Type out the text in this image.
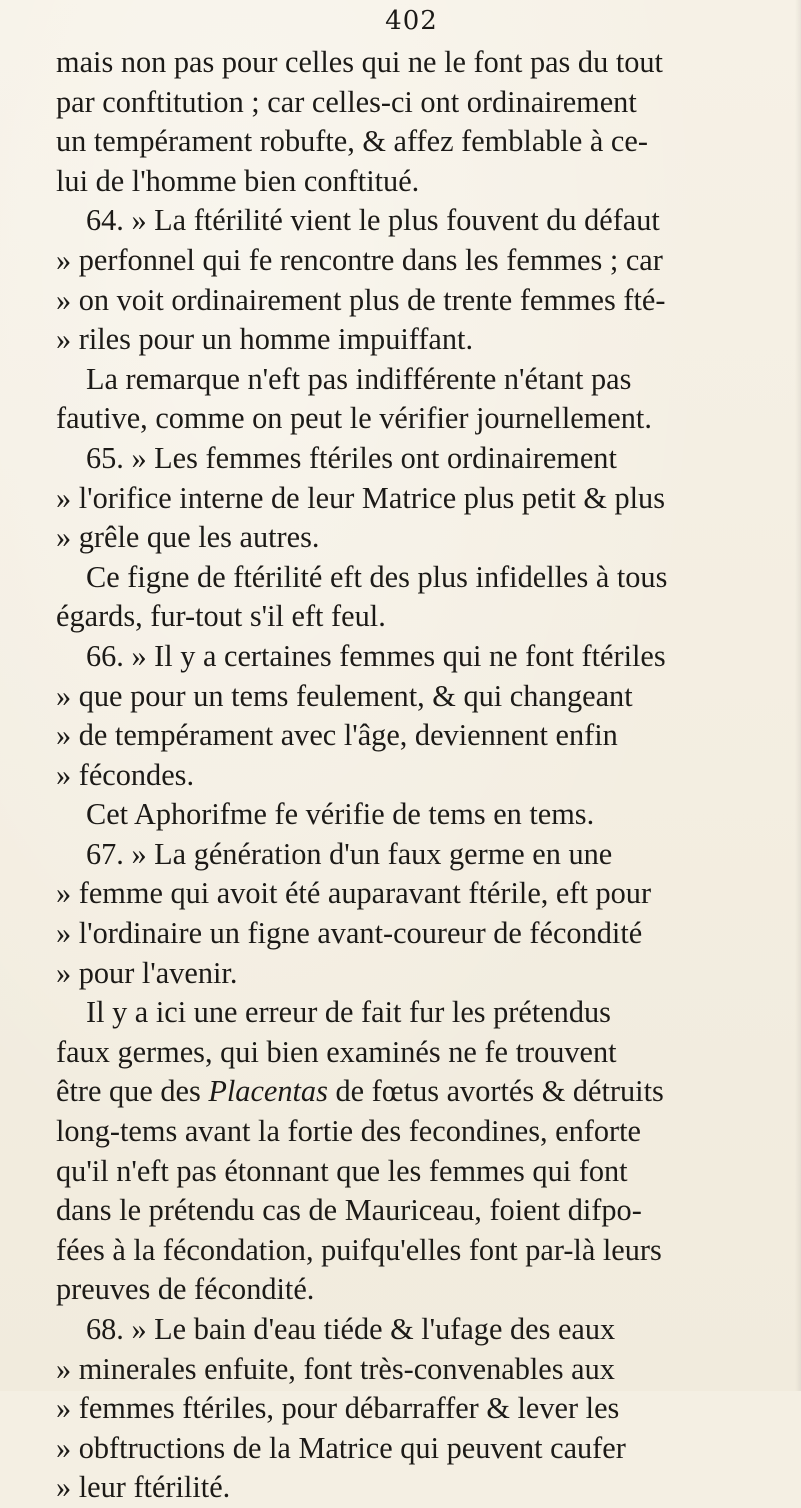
402
mais non pas pour celles qui ne le font pas du tout
par conftitution ; car celles-ci ont ordinairement
un tempérament robufte, & affez femblable à ce-
lui de l'homme bien conftitué.
64. » La ftérilité vient le plus fouvent du défaut
» perfonnel qui fe rencontre dans les femmes ; car
» on voit ordinairement plus de trente femmes fté-
» riles pour un homme impuiffant.
La remarque n'eft pas indifférente n'étant pas
fautive, comme on peut le vérifier journellement.
65. » Les femmes ftériles ont ordinairement
» l'orifice interne de leur Matrice plus petit & plus
» grêle que les autres.
Ce figne de ftérilité eft des plus infidelles à tous
égards, fur-tout s'il eft feul.
66. » Il y a certaines femmes qui ne font ftériles
» que pour un tems feulement, & qui changeant
» de tempérament avec l'âge, deviennent enfin
» fécondes.
Cet Aphorifme fe vérifie de tems en tems.
67. » La génération d'un faux germe en une
» femme qui avoit été auparavant ftérile, eft pour
» l'ordinaire un figne avant-coureur de fécondité
» pour l'avenir.
Il y a ici une erreur de fait fur les prétendus
faux germes, qui bien examinés ne fe trouvent
être que des Placentas de fœtus avortés & détruits
long-tems avant la fortie des fecondines, enforte
qu'il n'eft pas étonnant que les femmes qui font
dans le prétendu cas de Mauriceau, foient difpo-
fées à la fécondation, puifqu'elles font par-là leurs
preuves de fécondité.
68. » Le bain d'eau tiéde & l'ufage des eaux
» minerales enfuite, font très-convenables aux
» femmes ftériles, pour débarraffer & lever les
» obftructions de la Matrice qui peuvent caufer
» leur ftérilité.
